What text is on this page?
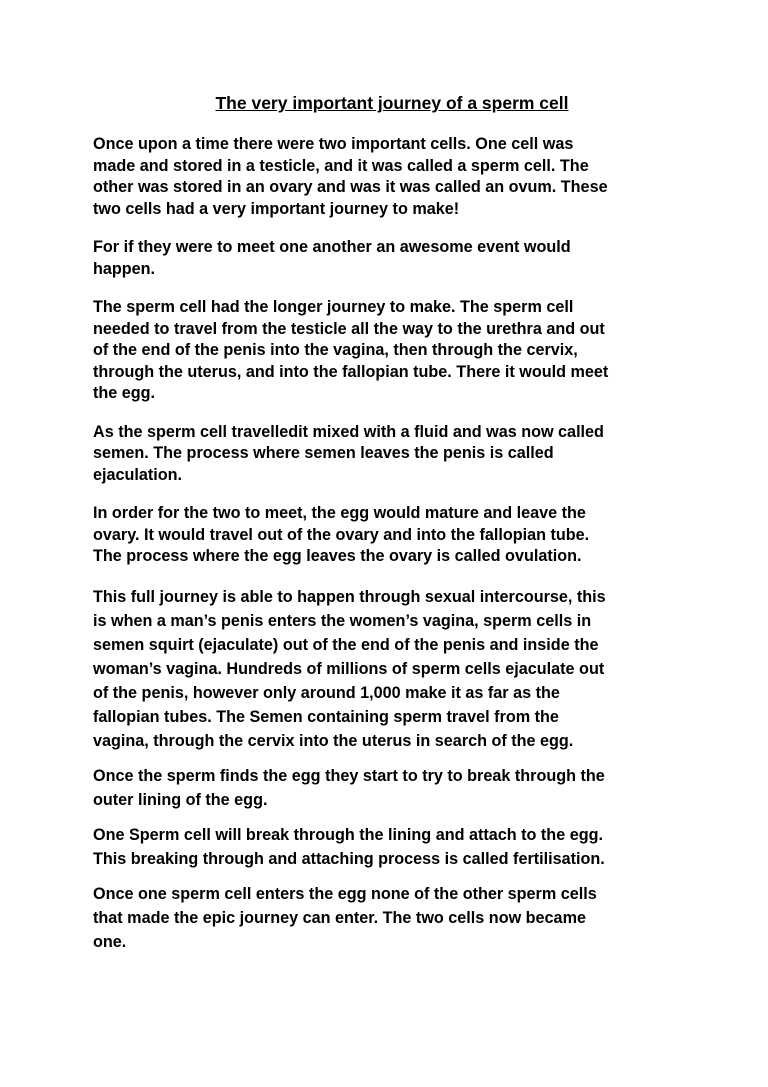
The very important journey of a sperm cell

Once upon a time there were two important cells. One cell was
made and stored in a testicle, and it was called a sperm cell. The
other was stored in an ovary and was it was called an ovum. These
two cells had a very important journey to make!

For if they were to meet one another an awesome event would
happen.

The sperm cell had the longer journey to make. The sperm cell
needed to travel from the testicle all the way to the urethra and out
of the end of the penis into the vagina, then through the cervix,
through the uterus, and into the fallopian tube. There it would meet
the egg.

As the sperm cell travelledit mixed with a fluid and was now called
semen. The process where semen leaves the penis is called
ejaculation.

In order for the two to meet, the egg would mature and leave the
ovary. It would travel out of the ovary and into the fallopian tube.
The process where the egg leaves the ovary is called ovulation.

This full journey is able to happen through sexual intercourse, this
is when a man’s penis enters the women’s vagina, sperm cells in
semen squirt (ejaculate) out of the end of the penis and inside the
woman’s vagina. Hundreds of millions of sperm cells ejaculate out
of the penis, however only around 1,000 make it as far as the
fallopian tubes. The Semen containing sperm travel from the
vagina, through the cervix into the uterus in search of the egg.

Once the sperm finds the egg they start to try to break through the
outer lining of the egg.

One Sperm cell will break through the lining and attach to the egg.
This breaking through and attaching process is called fertilisation.

Once one sperm cell enters the egg none of the other sperm cells
that made the epic journey can enter. The two cells now became
one.
